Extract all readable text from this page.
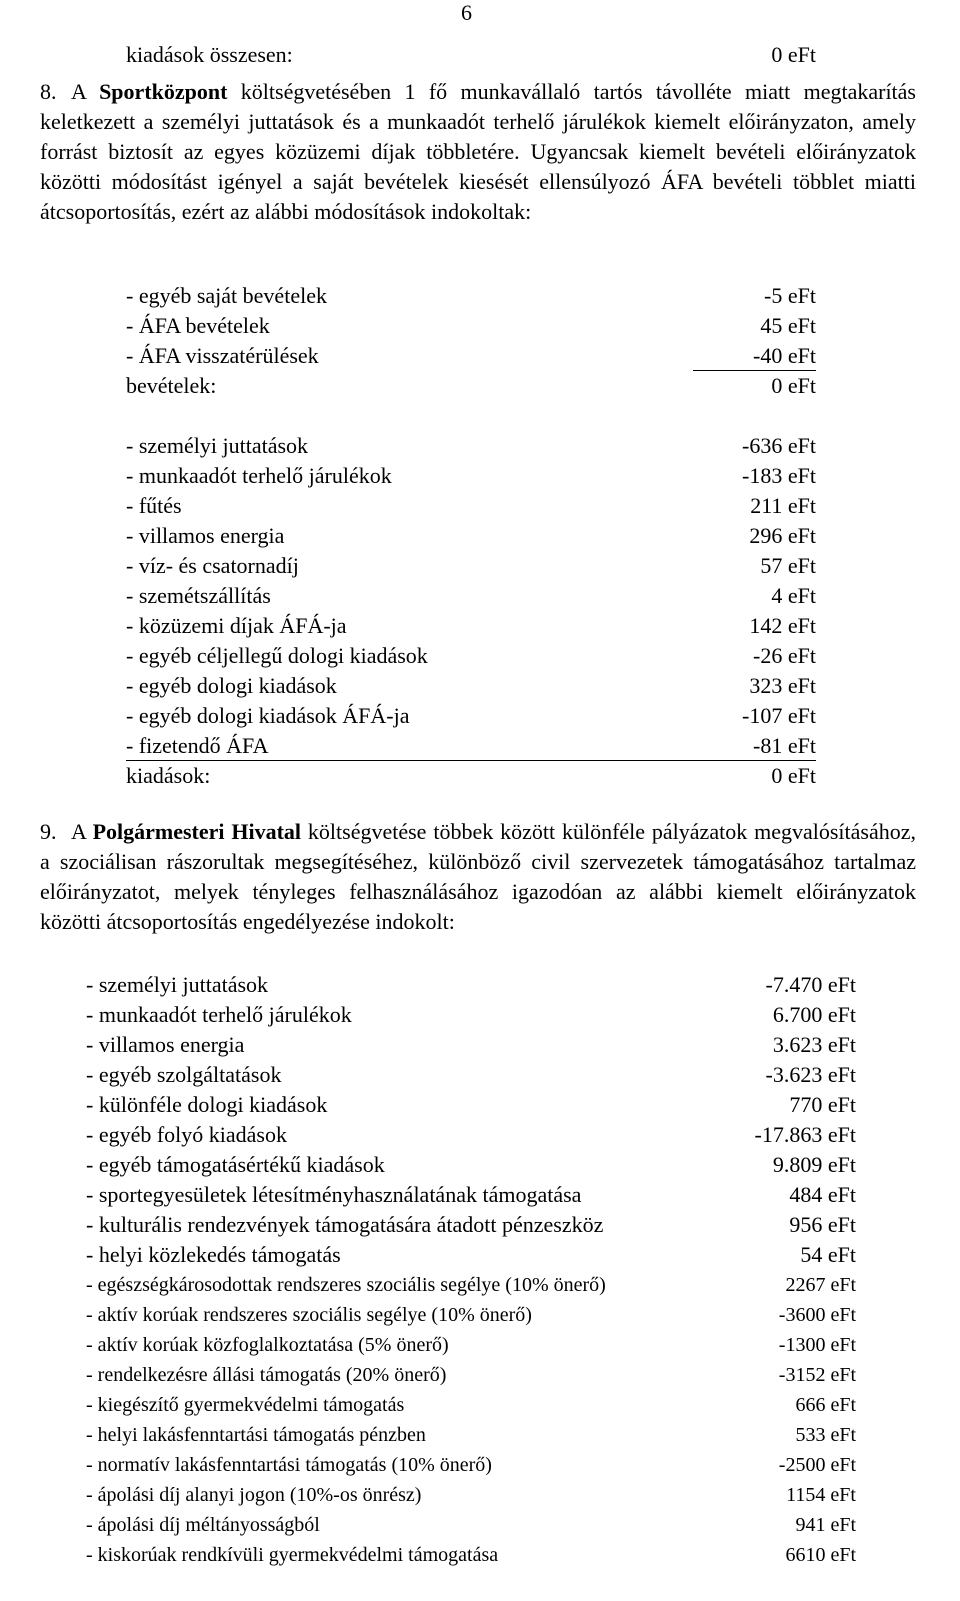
6
kiadások összesen:	0 eFt

8. A Sportközpont költségvetésében 1 fő munkavállaló tartós távolléte miatt megtakarítás keletkezett a személyi juttatások és a munkaadót terhelő járulékok kiemelt előirányzaton, amely forrást biztosít az egyes közüzemi díjak többletére. Ugyancsak kiemelt bevételi előirányzatok közötti módosítást igényel a saját bevételek kiesését ellensúlyozó ÁFA bevételi többlet miatti átcsoportosítás, ezért az alábbi módosítások indokoltak:

- egyéb saját bevételek	-5 eFt
- ÁFA bevételek	45 eFt
- ÁFA visszatérülések	-40 eFt
bevételek:	0 eFt
- személyi juttatások	-636 eFt
- munkaadót terhelő járulékok	-183 eFt
- fűtés	211 eFt
- villamos energia	296 eFt
- víz- és csatornadíj	57 eFt
- szemétszállítás	4 eFt
- közüzemi díjak ÁFÁ-ja	142 eFt
- egyéb céljellegű dologi kiadások	-26 eFt
- egyéb dologi kiadások	323 eFt
- egyéb dologi kiadások ÁFÁ-ja	-107 eFt
- fizetendő ÁFA	-81 eFt
kiadások:	0 eFt

9. A Polgármesteri Hivatal költségvetése többek között különféle pályázatok megvalósításához, a szociálisan rászorultak megsegítéséhez, különböző civil szervezetek támogatásához tartalmaz előirányzatot, melyek tényleges felhasználásához igazodóan az alábbi kiemelt előirányzatok közötti átcsoportosítás engedélyezése indokolt:

- személyi juttatások	-7.470 eFt
- munkaadót terhelő járulékok	6.700 eFt
- villamos energia	3.623 eFt
- egyéb szolgáltatások	-3.623 eFt
- különféle dologi kiadások	770 eFt
- egyéb folyó kiadások	-17.863 eFt
- egyéb támogatásértékű kiadások	9.809 eFt
- sportegyesületek létesítményhasználatának támogatása	484 eFt
- kulturális rendezvények támogatására átadott pénzeszköz	956 eFt
- helyi közlekedés támogatás	54 eFt
- egészségkárosodottak rendszeres szociális segélye (10% önerő)	2267 eFt
- aktív korúak rendszeres szociális segélye (10% önerő)	-3600 eFt
- aktív korúak közfoglalkoztatása (5% önerő)	-1300 eFt
- rendelkezésre állási támogatás (20% önerő)	-3152 eFt
- kiegészítő gyermekvédelmi támogatás	666 eFt
- helyi lakásfenntartási támogatás pénzben	533 eFt
- normatív lakásfenntartási támogatás (10% önerő)	-2500 eFt
- ápolási díj alanyi jogon (10%-os önrész)	1154 eFt
- ápolási díj méltányosságból	941 eFt
- kiskorúak rendkívüli gyermekvédelmi támogatása	6610 eFt
